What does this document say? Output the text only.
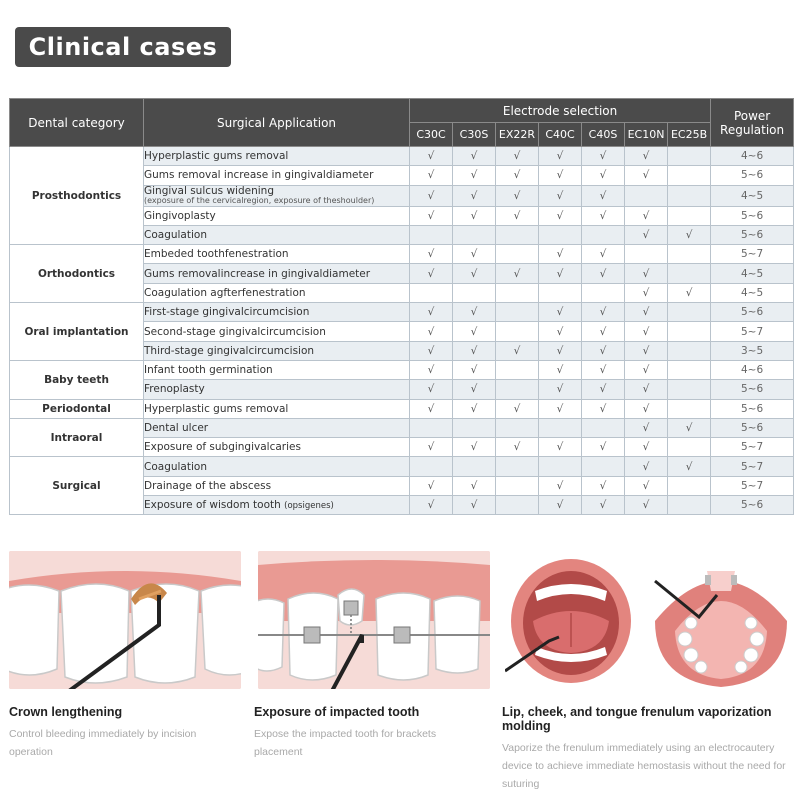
Clinical cases
Dental category	Surgical Application	Electrode selection							Power Regulation
		C30C	C30S	EX22R	C40C	C40S	EC10N	EC25B	
Prosthodontics	Hyperplastic gums removal	√	√	√	√	√	√		4~6
	Gums removal increase in gingivaldiameter	√	√	√	√	√	√		5~6
	Gingival sulcus widening
(exposure of the cervicalregion, exposure of theshoulder)	√	√	√	√	√			4~5
	Gingivoplasty	√	√	√	√	√	√		5~6
	Coagulation						√	√	5~6
Orthodontics	Embeded toothfenestration	√	√		√	√			5~7
	Gums removalincrease in gingivaldiameter	√	√	√	√	√	√		4~5
	Coagulation agfterfenestration						√	√	4~5
Oral implantation	First-stage gingivalcircumcision	√	√		√	√	√		5~6
	Second-stage gingivalcircumcision	√	√		√	√	√		5~7
	Third-stage gingivalcircumcision	√	√	√	√	√	√		3~5
Baby teeth	Infant tooth germination	√	√		√	√	√		4~6
	Frenoplasty	√	√		√	√	√		5~6
Periodontal	Hyperplastic gums removal	√	√	√	√	√	√		5~6
Intraoral	Dental ulcer						√	√	5~6
	Exposure of subgingivalcaries	√	√	√	√	√	√		5~7
Surgical	Coagulation						√	√	5~7
	Drainage of the abscess	√	√		√	√	√		5~7
	Exposure of wisdom tooth (opsigenes)	√	√		√	√	√		5~6
Crown lengthening

Control bleeding immediately by incision operation

Exposure of impacted tooth

Expose the impacted tooth for brackets placement

Lip, cheek, and tongue frenulum vaporization molding

Vaporize the frenulum immediately using an electrocautery device to achieve immediate hemostasis without the need for suturing
